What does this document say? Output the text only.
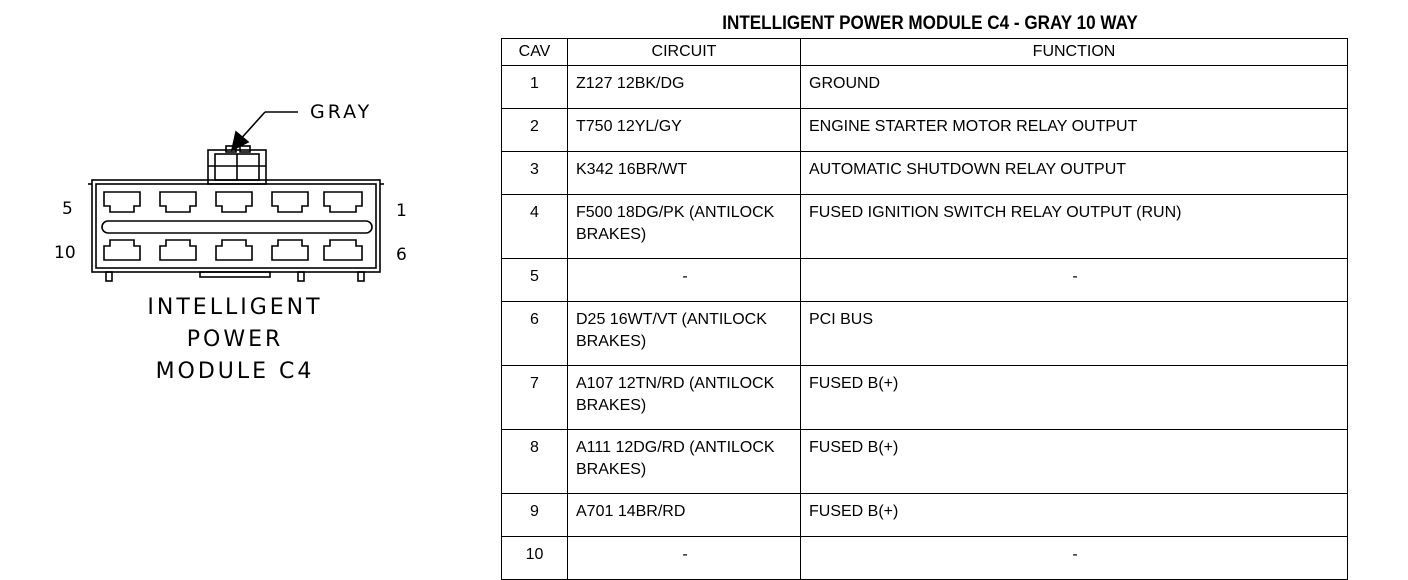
GRAY
5	1
10	6
INTELLIGENT
POWER
MODULE C4
INTELLIGENT POWER MODULE C4 - GRAY 10 WAY
CAV	CIRCUIT	FUNCTION
1	Z127 12BK/DG	GROUND
2	T750 12YL/GY	ENGINE STARTER MOTOR RELAY OUTPUT
3	K342 16BR/WT	AUTOMATIC SHUTDOWN RELAY OUTPUT
4	F500 18DG/PK (ANTILOCK
BRAKES)	FUSED IGNITION SWITCH RELAY OUTPUT (RUN)
5	-	-
6	D25 16WT/VT (ANTILOCK
BRAKES)	PCI BUS
7	A107 12TN/RD (ANTILOCK
BRAKES)	FUSED B(+)
8	A111 12DG/RD (ANTILOCK
BRAKES)	FUSED B(+)
9	A701 14BR/RD	FUSED B(+)
10	-	-
